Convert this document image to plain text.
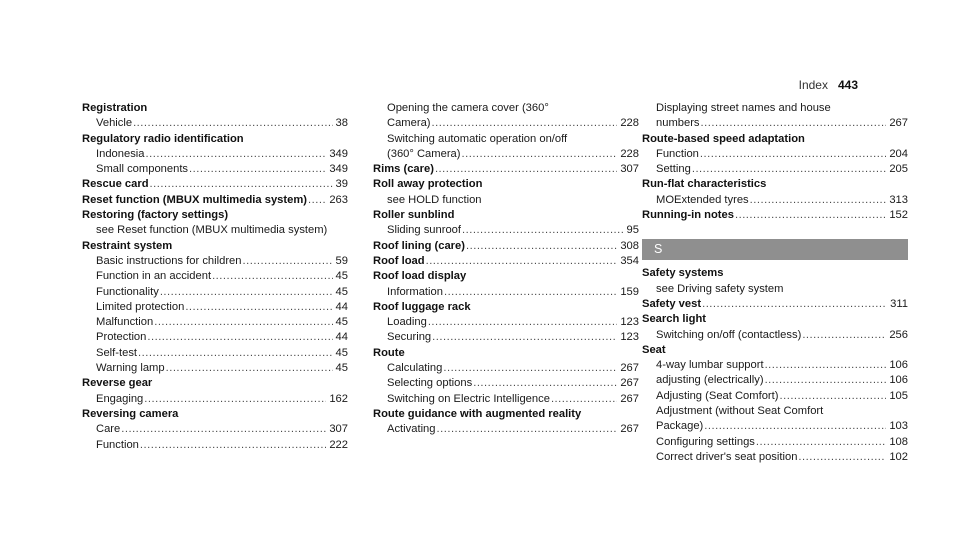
Index 443
Registration
Vehicle .....	38
Regulatory radio identification
Indonesia .....	349
Small components .....	349
Rescue card .....	39
Reset function (MBUX multimedia system) ..... 263
Restoring (factory settings)
see Reset function (MBUX multimedia system)
Restraint system
Basic instructions for children .....	59
Function in an accident .....	45
Functionality .....	45
Limited protection .....	44
Malfunction .....	45
Protection .....	44
Self-test .....	45
Warning lamp .....	45
Reverse gear
Engaging .....	162
Reversing camera
Care .....	307
Function .....	222
Opening the camera cover (360°
Camera) .....	228
Switching automatic operation on/off
(360° Camera) .....	228
Rims (care) .....	307
Roll away protection
see HOLD function
Roller sunblind
Sliding sunroof .....	95
Roof lining (care) .....	308
Roof load .....	354
Roof load display
Information .....	159
Roof luggage rack
Loading .....	123
Securing .....	123
Route
Calculating .....	267
Selecting options .....	267
Switching on Electric Intelligence .....	267
Route guidance with augmented reality
Activating .....	267
Displaying street names and house
numbers .....	267
Route-based speed adaptation
Function .....	204
Setting .....	205
Run-flat characteristics
MOExtended tyres .....	313
Running-in notes .....	152
S
Safety systems
see Driving safety system
Safety vest .....	311
Search light
Switching on/off (contactless) .....	256
Seat
4-way lumbar support .....	106
adjusting (electrically) .....	106
Adjusting (Seat Comfort) .....	105
Adjustment (without Seat Comfort
Package) .....	103
Configuring settings .....	108
Correct driver's seat position .....	102
